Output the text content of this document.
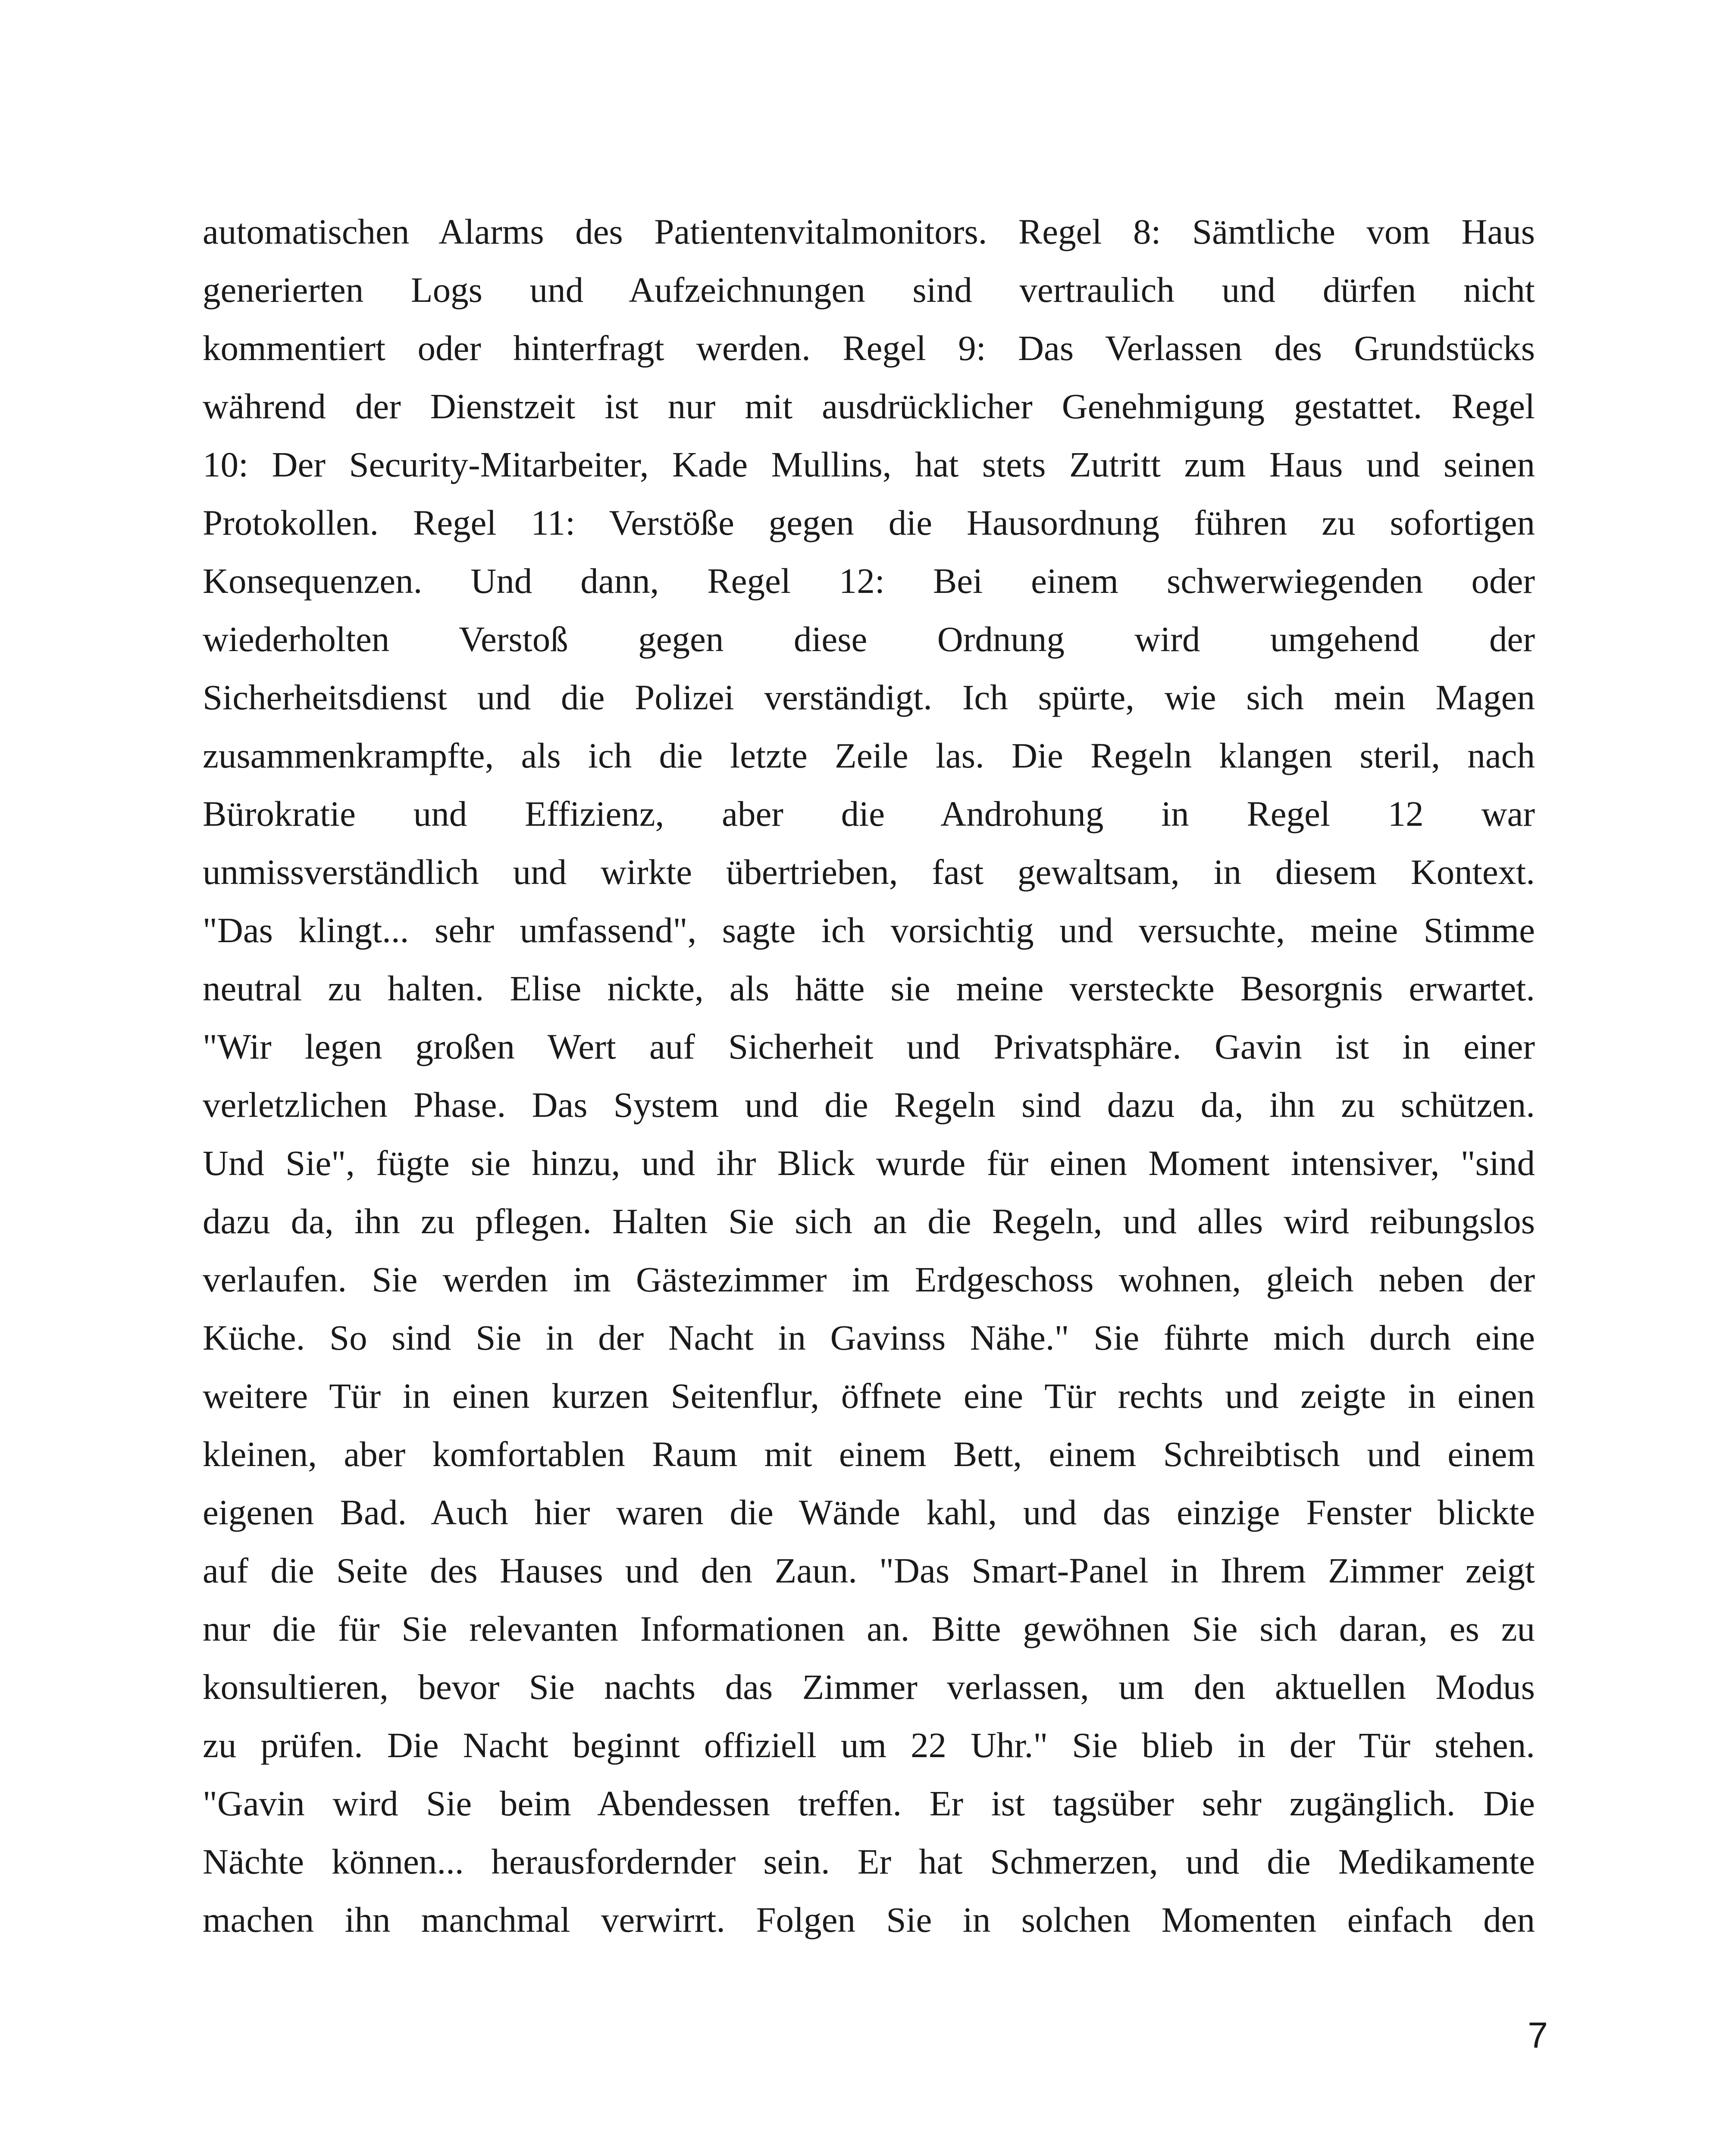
automatischen Alarms des Patientenvitalmonitors. Regel 8: Sämtliche vom Haus
generierten Logs und Aufzeichnungen sind vertraulich und dürfen nicht
kommentiert oder hinterfragt werden. Regel 9: Das Verlassen des Grundstücks
während der Dienstzeit ist nur mit ausdrücklicher Genehmigung gestattet. Regel
10: Der Security-Mitarbeiter, Kade Mullins, hat stets Zutritt zum Haus und seinen
Protokollen. Regel 11: Verstöße gegen die Hausordnung führen zu sofortigen
Konsequenzen. Und dann, Regel 12: Bei einem schwerwiegenden oder
wiederholten Verstoß gegen diese Ordnung wird umgehend der
Sicherheitsdienst und die Polizei verständigt. Ich spürte, wie sich mein Magen
zusammenkrampfte, als ich die letzte Zeile las. Die Regeln klangen steril, nach
Bürokratie und Effizienz, aber die Androhung in Regel 12 war
unmissverständlich und wirkte übertrieben, fast gewaltsam, in diesem Kontext.
"Das klingt... sehr umfassend", sagte ich vorsichtig und versuchte, meine Stimme
neutral zu halten. Elise nickte, als hätte sie meine versteckte Besorgnis erwartet.
"Wir legen großen Wert auf Sicherheit und Privatsphäre. Gavin ist in einer
verletzlichen Phase. Das System und die Regeln sind dazu da, ihn zu schützen.
Und Sie", fügte sie hinzu, und ihr Blick wurde für einen Moment intensiver, "sind
dazu da, ihn zu pflegen. Halten Sie sich an die Regeln, und alles wird reibungslos
verlaufen. Sie werden im Gästezimmer im Erdgeschoss wohnen, gleich neben der
Küche. So sind Sie in der Nacht in Gavinss Nähe." Sie führte mich durch eine
weitere Tür in einen kurzen Seitenflur, öffnete eine Tür rechts und zeigte in einen
kleinen, aber komfortablen Raum mit einem Bett, einem Schreibtisch und einem
eigenen Bad. Auch hier waren die Wände kahl, und das einzige Fenster blickte
auf die Seite des Hauses und den Zaun. "Das Smart-Panel in Ihrem Zimmer zeigt
nur die für Sie relevanten Informationen an. Bitte gewöhnen Sie sich daran, es zu
konsultieren, bevor Sie nachts das Zimmer verlassen, um den aktuellen Modus
zu prüfen. Die Nacht beginnt offiziell um 22 Uhr." Sie blieb in der Tür stehen.
"Gavin wird Sie beim Abendessen treffen. Er ist tagsüber sehr zugänglich. Die
Nächte können... herausfordernder sein. Er hat Schmerzen, und die Medikamente
machen ihn manchmal verwirrt. Folgen Sie in solchen Momenten einfach den
7
